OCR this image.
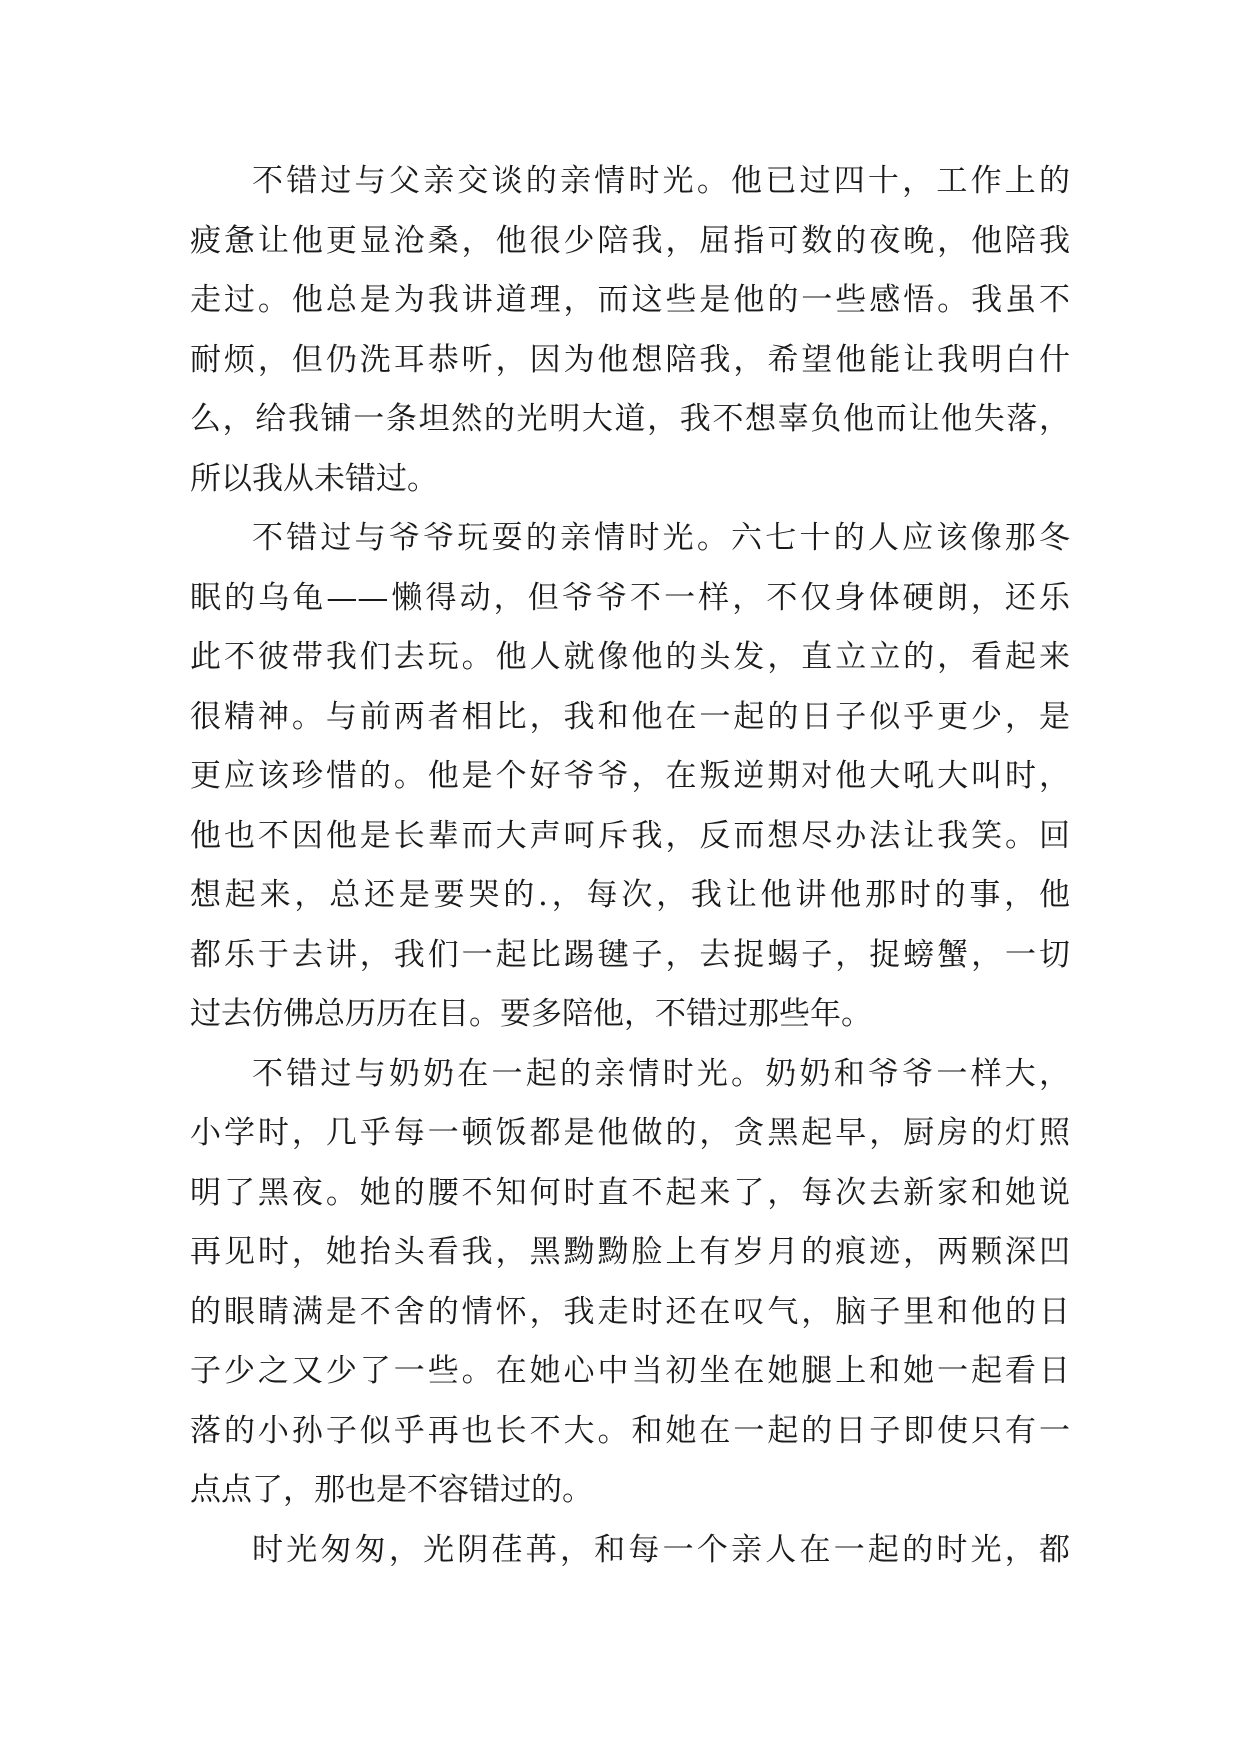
不错过与父亲交谈的亲情时光。他已过四十，工作上的
疲惫让他更显沧桑，他很少陪我，屈指可数的夜晚，他陪我
走过。他总是为我讲道理，而这些是他的一些感悟。我虽不
耐烦，但仍洗耳恭听，因为他想陪我，希望他能让我明白什
么，给我铺一条坦然的光明大道，我不想辜负他而让他失落，
所以我从未错过。
不错过与爷爷玩耍的亲情时光。六七十的人应该像那冬
眠的乌龟——懒得动，但爷爷不一样，不仅身体硬朗，还乐
此不彼带我们去玩。他人就像他的头发，直立立的，看起来
很精神。与前两者相比，我和他在一起的日子似乎更少，是
更应该珍惜的。他是个好爷爷，在叛逆期对他大吼大叫时，
他也不因他是长辈而大声呵斥我，反而想尽办法让我笑。回
想起来，总还是要哭的.，每次，我让他讲他那时的事，他
都乐于去讲，我们一起比踢毽子，去捉蝎子，捉螃蟹，一切
过去仿佛总历历在目。要多陪他，不错过那些年。
不错过与奶奶在一起的亲情时光。奶奶和爷爷一样大，
小学时，几乎每一顿饭都是他做的，贪黑起早，厨房的灯照
明了黑夜。她的腰不知何时直不起来了，每次去新家和她说
再见时，她抬头看我，黑黝黝脸上有岁月的痕迹，两颗深凹
的眼睛满是不舍的情怀，我走时还在叹气，脑子里和他的日
子少之又少了一些。在她心中当初坐在她腿上和她一起看日
落的小孙子似乎再也长不大。和她在一起的日子即使只有一
点点了，那也是不容错过的。
时光匆匆，光阴荏苒，和每一个亲人在一起的时光，都
